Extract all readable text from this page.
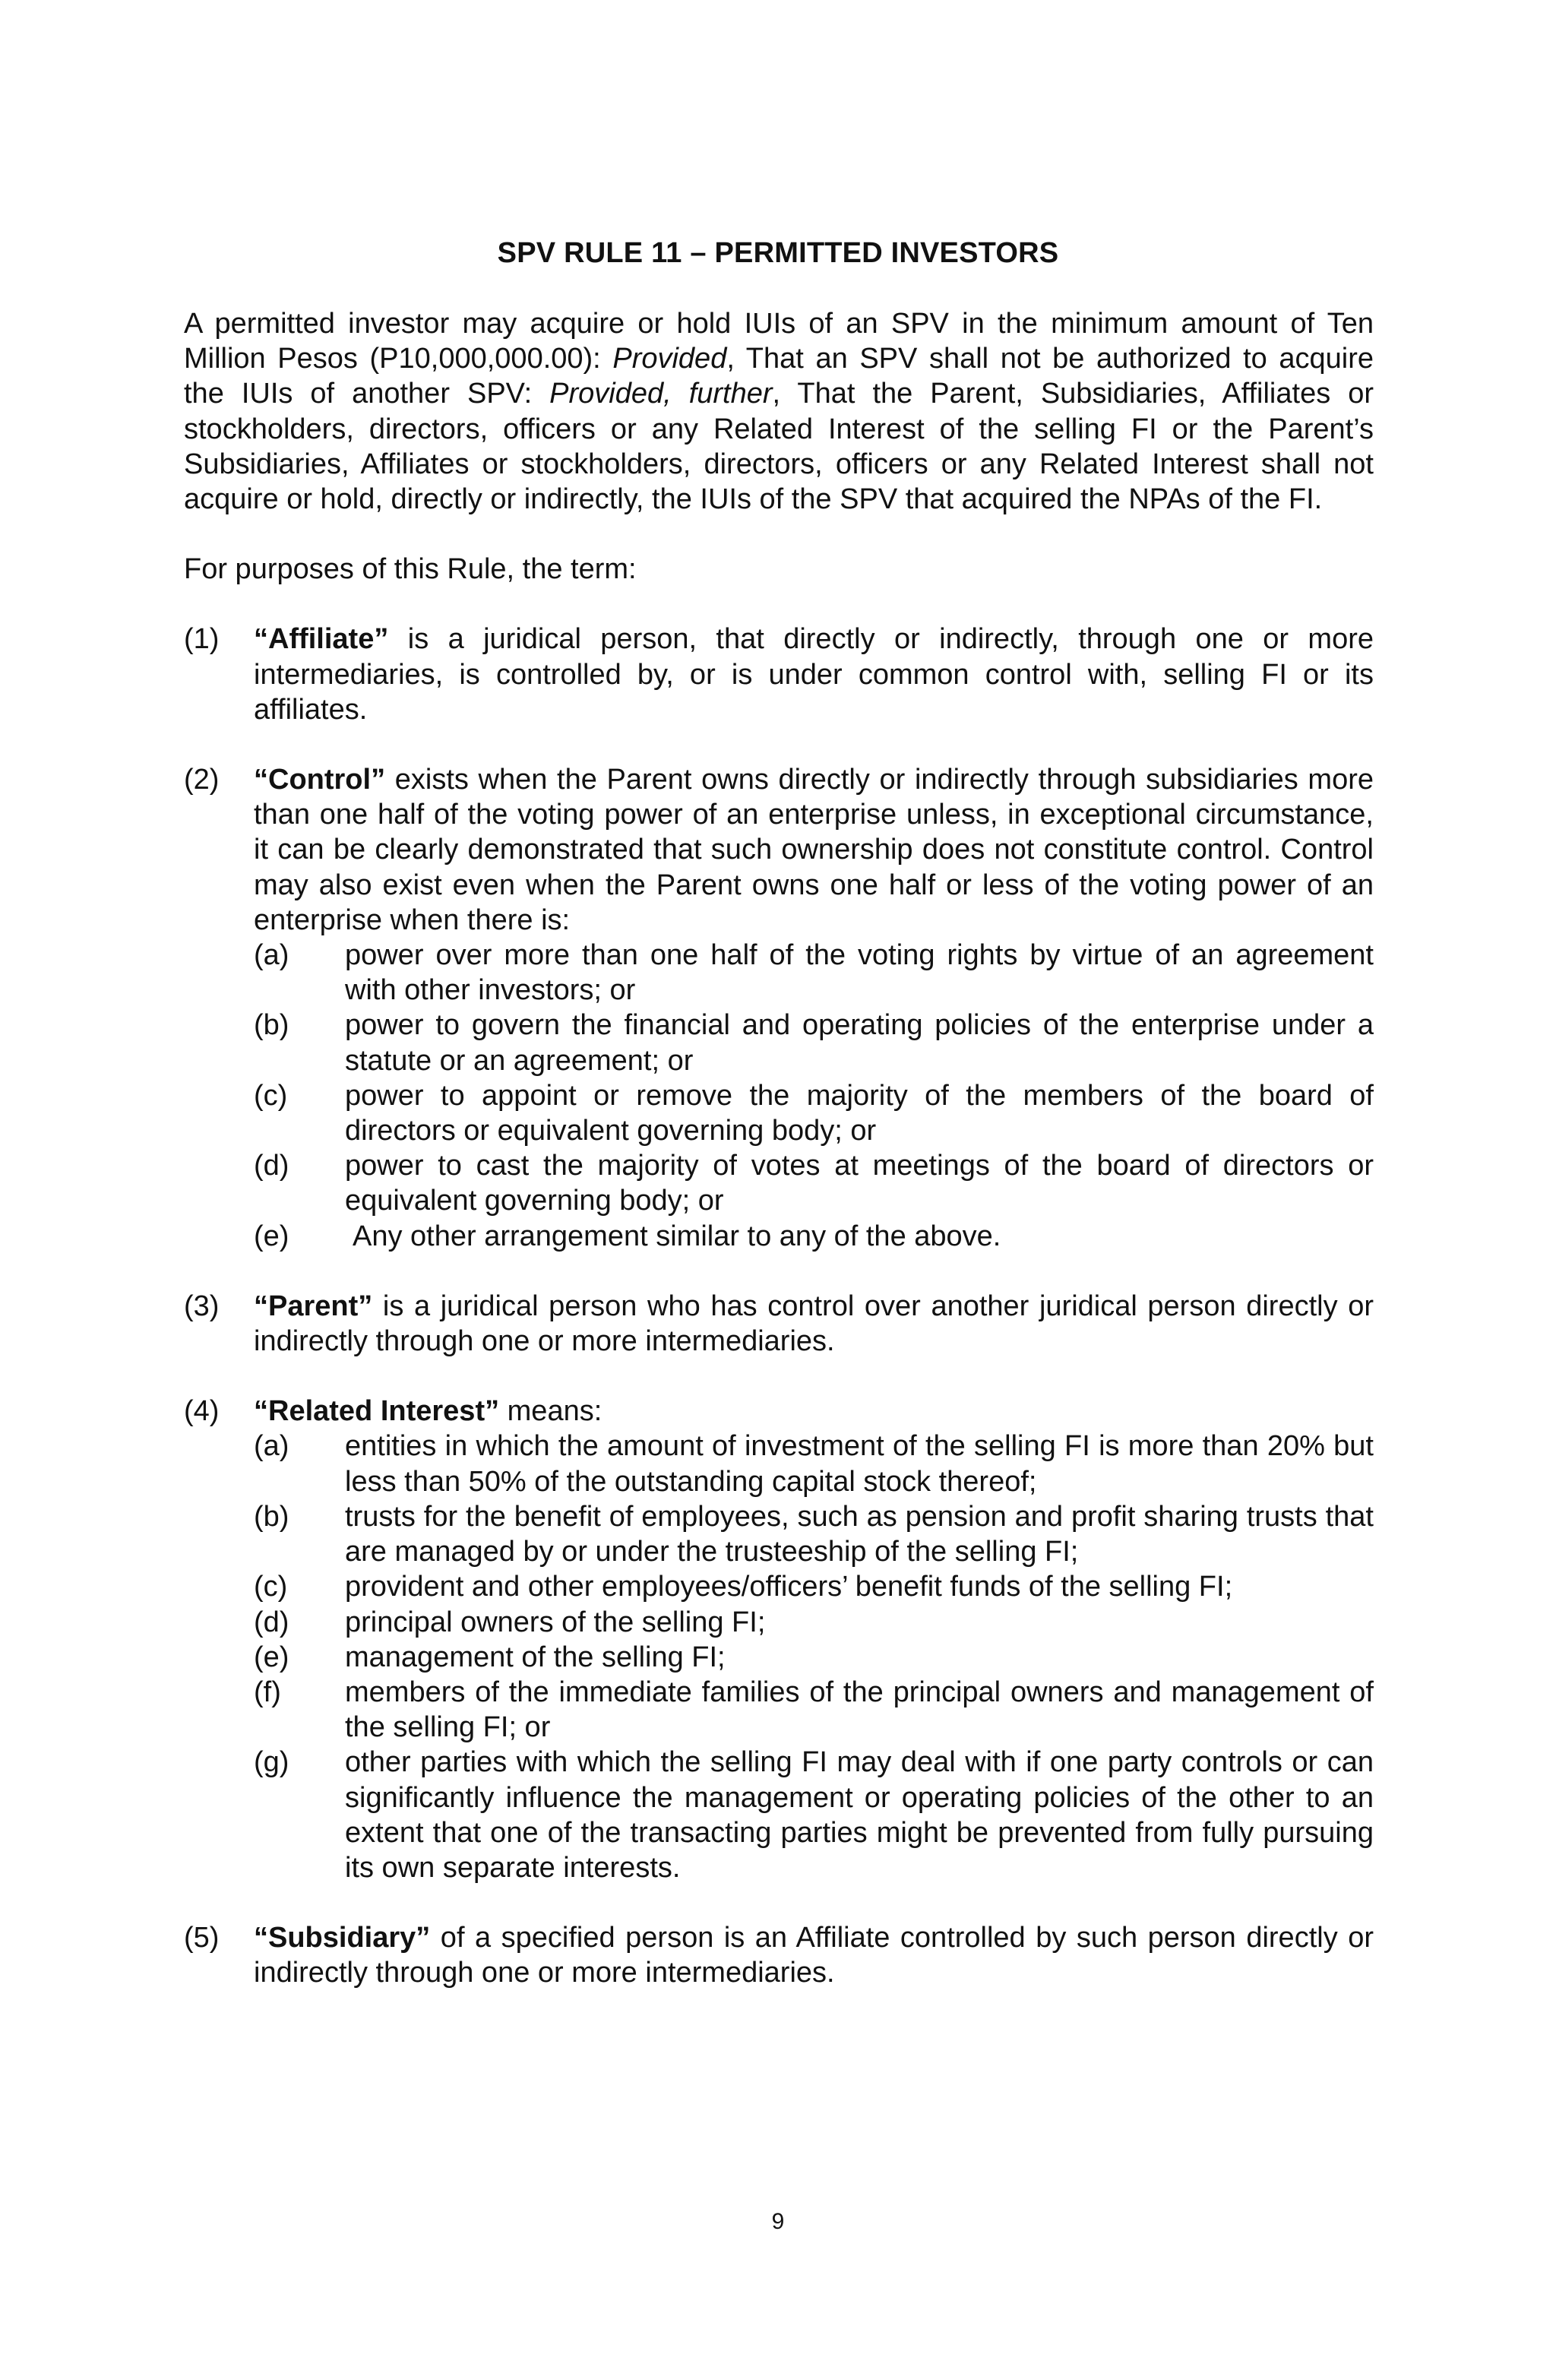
SPV RULE 11 – PERMITTED INVESTORS

A permitted investor may acquire or hold IUIs of an SPV in the minimum amount of Ten Million Pesos (P10,000,000.00): Provided, That an SPV shall not be authorized to acquire the IUIs of another SPV: Provided, further, That the Parent, Subsidiaries, Affiliates or stockholders, directors, officers or any Related Interest of the selling FI or the Parent’s Subsidiaries, Affiliates or stockholders, directors, officers or any Related Interest shall not acquire or hold, directly or indirectly, the IUIs of the SPV that acquired the NPAs of the FI.

For purposes of this Rule, the term:

(1)	“Affiliate” is a juridical person, that directly or indirectly, through one or more intermediaries, is controlled by, or is under common control with, selling FI or its affiliates.
(2)	“Control” exists when the Parent owns directly or indirectly through subsidiaries more than one half of the voting power of an enterprise unless, in exceptional circumstance, it can be clearly demonstrated that such ownership does not constitute control. Control may also exist even when the Parent owns one half or less of the voting power of an enterprise when there is:
(a)	power over more than one half of the voting rights by virtue of an agreement with other investors; or
(b)	power to govern the financial and operating policies of the enterprise under a statute or an agreement; or
(c)	power to appoint or remove the majority of the members of the board of directors or equivalent governing body; or
(d)	power to cast the majority of votes at meetings of the board of directors or equivalent governing body; or
(e)	Any other arrangement similar to any of the above.
(3)	“Parent” is a juridical person who has control over another juridical person directly or indirectly through one or more intermediaries.
(4)	“Related Interest” means:
(a)	entities in which the amount of investment of the selling FI is more than 20% but less than 50% of the outstanding capital stock thereof;
(b)	trusts for the benefit of employees, such as pension and profit sharing trusts that are managed by or under the trusteeship of the selling FI;
(c)	provident and other employees/officers’ benefit funds of the selling FI;
(d)	principal owners of the selling FI;
(e)	management of the selling FI;
(f)	members of the immediate families of the principal owners and management of the selling FI; or
(g)	other parties with which the selling FI may deal with if one party controls or can significantly influence the management or operating policies of the other to an extent that one of the transacting parties might be prevented from fully pursuing its own separate interests.
(5)	“Subsidiary” of a specified person is an Affiliate controlled by such person directly or indirectly through one or more intermediaries.
9
